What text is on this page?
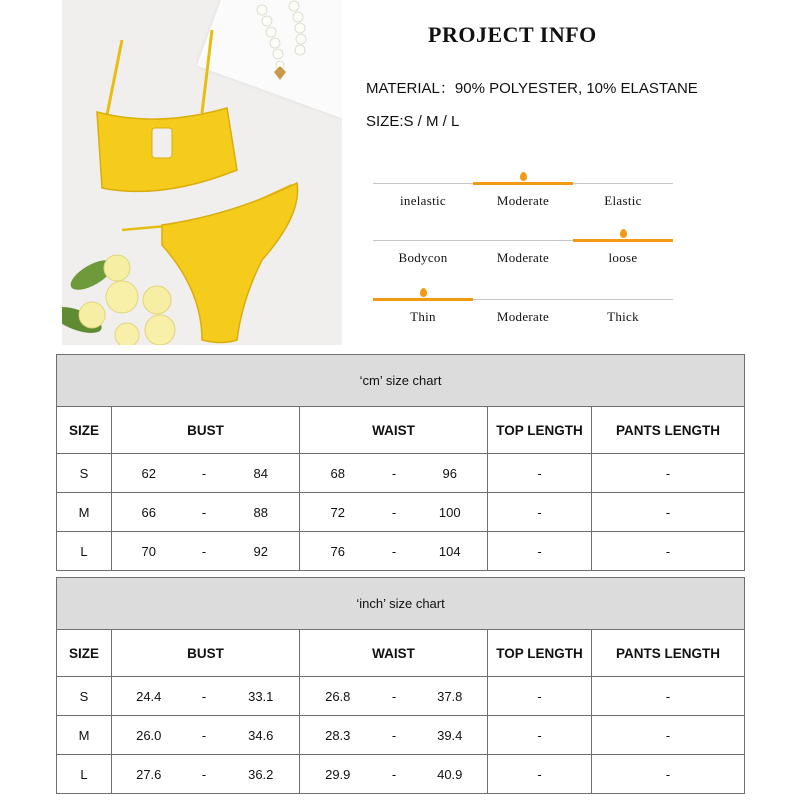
PROJECT INFO
MATERIAL：90% POLYESTER, 10% ELASTANE
SIZE:S / M / L
inelastic	Moderate	Elastic
Bodycon	Moderate	loose
Thin	Moderate	Thick
‘cm’ size chart								
SIZE	BUST			WAIST			TOP LENGTH	PANTS LENGTH
S	62	-	84	68	-	96	-	-
M	66	-	88	72	-	100	-	-
L	70	-	92	76	-	104	-	-
‘inch’ size chart								
SIZE	BUST			WAIST			TOP LENGTH	PANTS LENGTH
S	24.4	-	33.1	26.8	-	37.8	-	-
M	26.0	-	34.6	28.3	-	39.4	-	-
L	27.6	-	36.2	29.9	-	40.9	-	-
